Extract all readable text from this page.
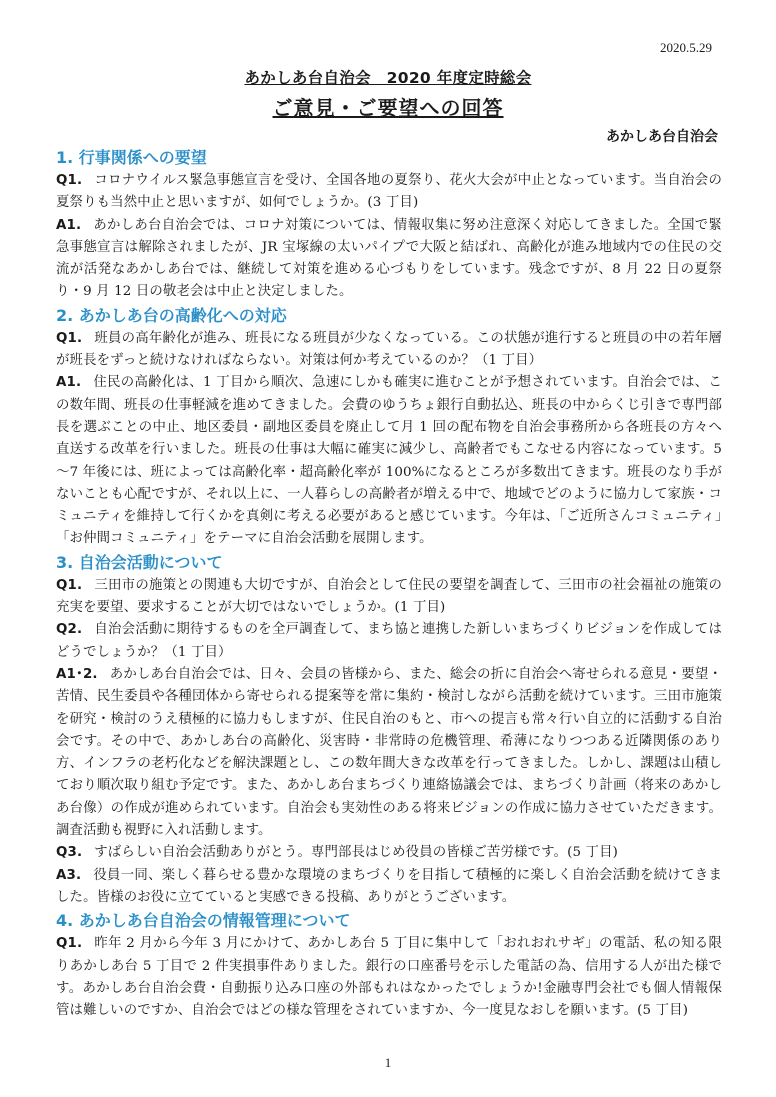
2020.5.29
あかしあ台自治会　2020 年度定時総会
ご意見・ご要望への回答
あかしあ台自治会

1. 行事関係への要望

Q1. コロナウイルス緊急事態宣言を受け、全国各地の夏祭り、花火大会が中止となっています。当自治会の夏祭りも当然中止と思いますが、如何でしょうか。(3 丁目)

A1. あかしあ台自治会では、コロナ対策については、情報収集に努め注意深く対応してきました。全国で緊急事態宣言は解除されましたが、JR 宝塚線の太いパイプで大阪と結ばれ、高齢化が進み地域内での住民の交流が活発なあかしあ台では、継続して対策を進める心づもりをしています。残念ですが、8 月 22 日の夏祭り・9 月 12 日の敬老会は中止と決定しました。

2. あかしあ台の高齢化への対応

Q1. 班員の高年齢化が進み、班長になる班員が少なくなっている。この状態が進行すると班員の中の若年層が班長をずっと続けなければならない。対策は何か考えているのか？（1 丁目）

A1. 住民の高齢化は、1 丁目から順次、急速にしかも確実に進むことが予想されています。自治会では、この数年間、班長の仕事軽減を進めてきました。会費のゆうちょ銀行自動払込、班長の中からくじ引きで専門部長を選ぶことの中止、地区委員・副地区委員を廃止して月 1 回の配布物を自治会事務所から各班長の方々へ直送する改革を行いました。班長の仕事は大幅に確実に減少し、高齢者でもこなせる内容になっています。5～7 年後には、班によっては高齢化率・超高齢化率が 100%になるところが多数出てきます。班長のなり手がないことも心配ですが、それ以上に、一人暮らしの高齢者が増える中で、地域でどのように協力して家族・コミュニティを維持して行くかを真剣に考える必要があると感じています。今年は、「ご近所さんコミュニティ」「お仲間コミュニティ」をテーマに自治会活動を展開します。

3. 自治会活動について

Q1. 三田市の施策との関連も大切ですが、自治会として住民の要望を調査して、三田市の社会福祉の施策の充実を要望、要求することが大切ではないでしょうか。(1 丁目)

Q2. 自治会活動に期待するものを全戸調査して、まち協と連携した新しいまちづくりビジョンを作成してはどうでしょうか？（1 丁目）

A1･2. あかしあ台自治会では、日々、会員の皆様から、また、総会の折に自治会へ寄せられる意見・要望・苦情、民生委員や各種団体から寄せられる提案等を常に集約・検討しながら活動を続けています。三田市施策を研究・検討のうえ積極的に協力もしますが、住民自治のもと、市への提言も常々行い自立的に活動する自治会です。その中で、あかしあ台の高齢化、災害時・非常時の危機管理、希薄になりつつある近隣関係のあり方、インフラの老朽化などを解決課題とし、この数年間大きな改革を行ってきました。しかし、課題は山積しており順次取り組む予定です。また、あかしあ台まちづくり連絡協議会では、まちづくり計画（将来のあかしあ台像）の作成が進められています。自治会も実効性のある将来ビジョンの作成に協力させていただきます。調査活動も視野に入れ活動します。

Q3. すばらしい自治会活動ありがとう。専門部長はじめ役員の皆様ご苦労様です。(5 丁目)

A3. 役員一同、楽しく暮らせる豊かな環境のまちづくりを目指して積極的に楽しく自治会活動を続けてきました。皆様のお役に立てていると実感できる投稿、ありがとうございます。

4. あかしあ台自治会の情報管理について

Q1. 昨年 2 月から今年 3 月にかけて、あかしあ台 5 丁目に集中して「おれおれサギ」の電話、私の知る限りあかしあ台 5 丁目で 2 件実損事件ありました。銀行の口座番号を示した電話の為、信用する人が出た様です。あかしあ台自治会費・自動振り込み口座の外部もれはなかったでしょうか!金融専門会社でも個人情報保管は難しいのですか、自治会ではどの様な管理をされていますか、今一度見なおしを願います。(5 丁目)

1
